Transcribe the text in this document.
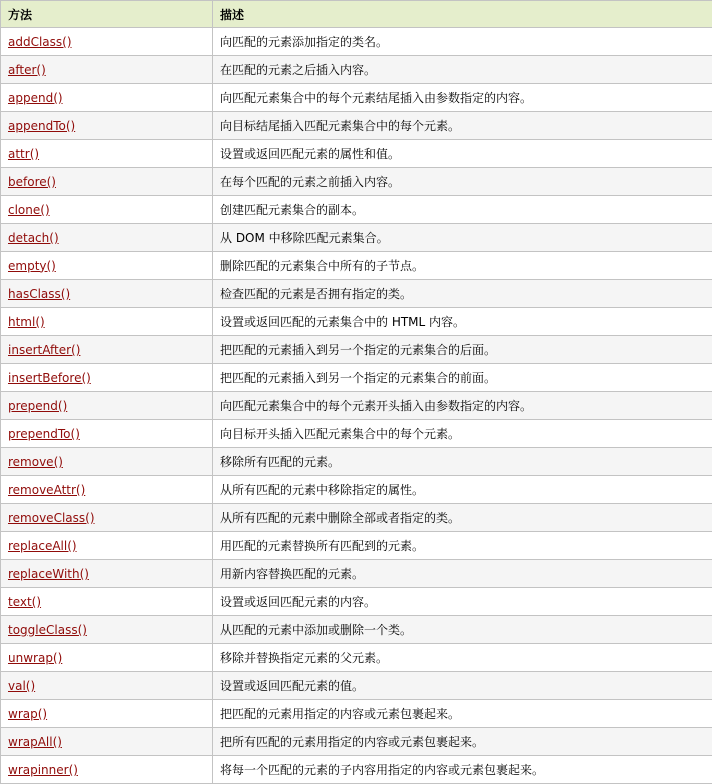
方法	描述
addClass()	向匹配的元素添加指定的类名。
after()	在匹配的元素之后插入内容。
append()	向匹配元素集合中的每个元素结尾插入由参数指定的内容。
appendTo()	向目标结尾插入匹配元素集合中的每个元素。
attr()	设置或返回匹配元素的属性和值。
before()	在每个匹配的元素之前插入内容。
clone()	创建匹配元素集合的副本。
detach()	从 DOM 中移除匹配元素集合。
empty()	删除匹配的元素集合中所有的子节点。
hasClass()	检查匹配的元素是否拥有指定的类。
html()	设置或返回匹配的元素集合中的 HTML 内容。
insertAfter()	把匹配的元素插入到另一个指定的元素集合的后面。
insertBefore()	把匹配的元素插入到另一个指定的元素集合的前面。
prepend()	向匹配元素集合中的每个元素开头插入由参数指定的内容。
prependTo()	向目标开头插入匹配元素集合中的每个元素。
remove()	移除所有匹配的元素。
removeAttr()	从所有匹配的元素中移除指定的属性。
removeClass()	从所有匹配的元素中删除全部或者指定的类。
replaceAll()	用匹配的元素替换所有匹配到的元素。
replaceWith()	用新内容替换匹配的元素。
text()	设置或返回匹配元素的内容。
toggleClass()	从匹配的元素中添加或删除一个类。
unwrap()	移除并替换指定元素的父元素。
val()	设置或返回匹配元素的值。
wrap()	把匹配的元素用指定的内容或元素包裹起来。
wrapAll()	把所有匹配的元素用指定的内容或元素包裹起来。
wrapinner()	将每一个匹配的元素的子内容用指定的内容或元素包裹起来。
